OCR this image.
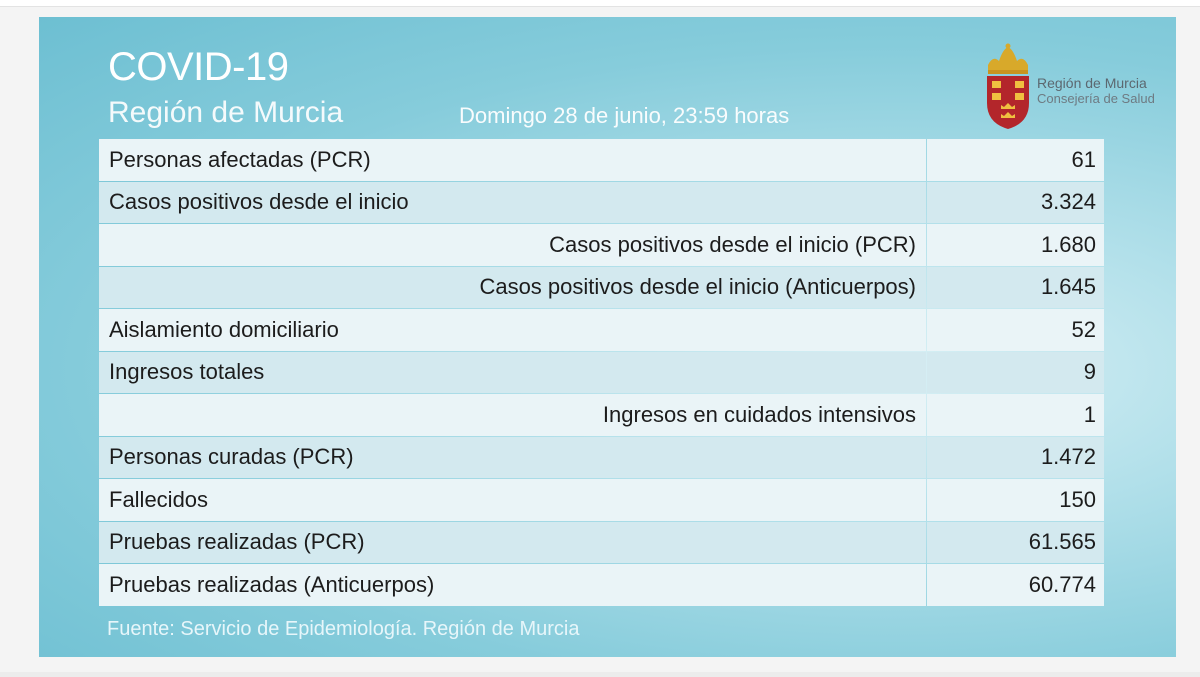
COVID-19
Región de Murcia	Domingo 28 de junio, 23:59 horas
Región de Murcia
Consejería de Salud
Personas afectadas (PCR)	61
Casos positivos desde el inicio	3.324
Casos positivos desde el inicio (PCR)	1.680
Casos positivos desde el inicio (Anticuerpos)	1.645
Aislamiento domiciliario	52
Ingresos totales	9
Ingresos en cuidados intensivos	1
Personas curadas (PCR)	1.472
Fallecidos	150
Pruebas realizadas (PCR)	61.565
Pruebas realizadas (Anticuerpos)	60.774
Fuente: Servicio de Epidemiología. Región de Murcia
